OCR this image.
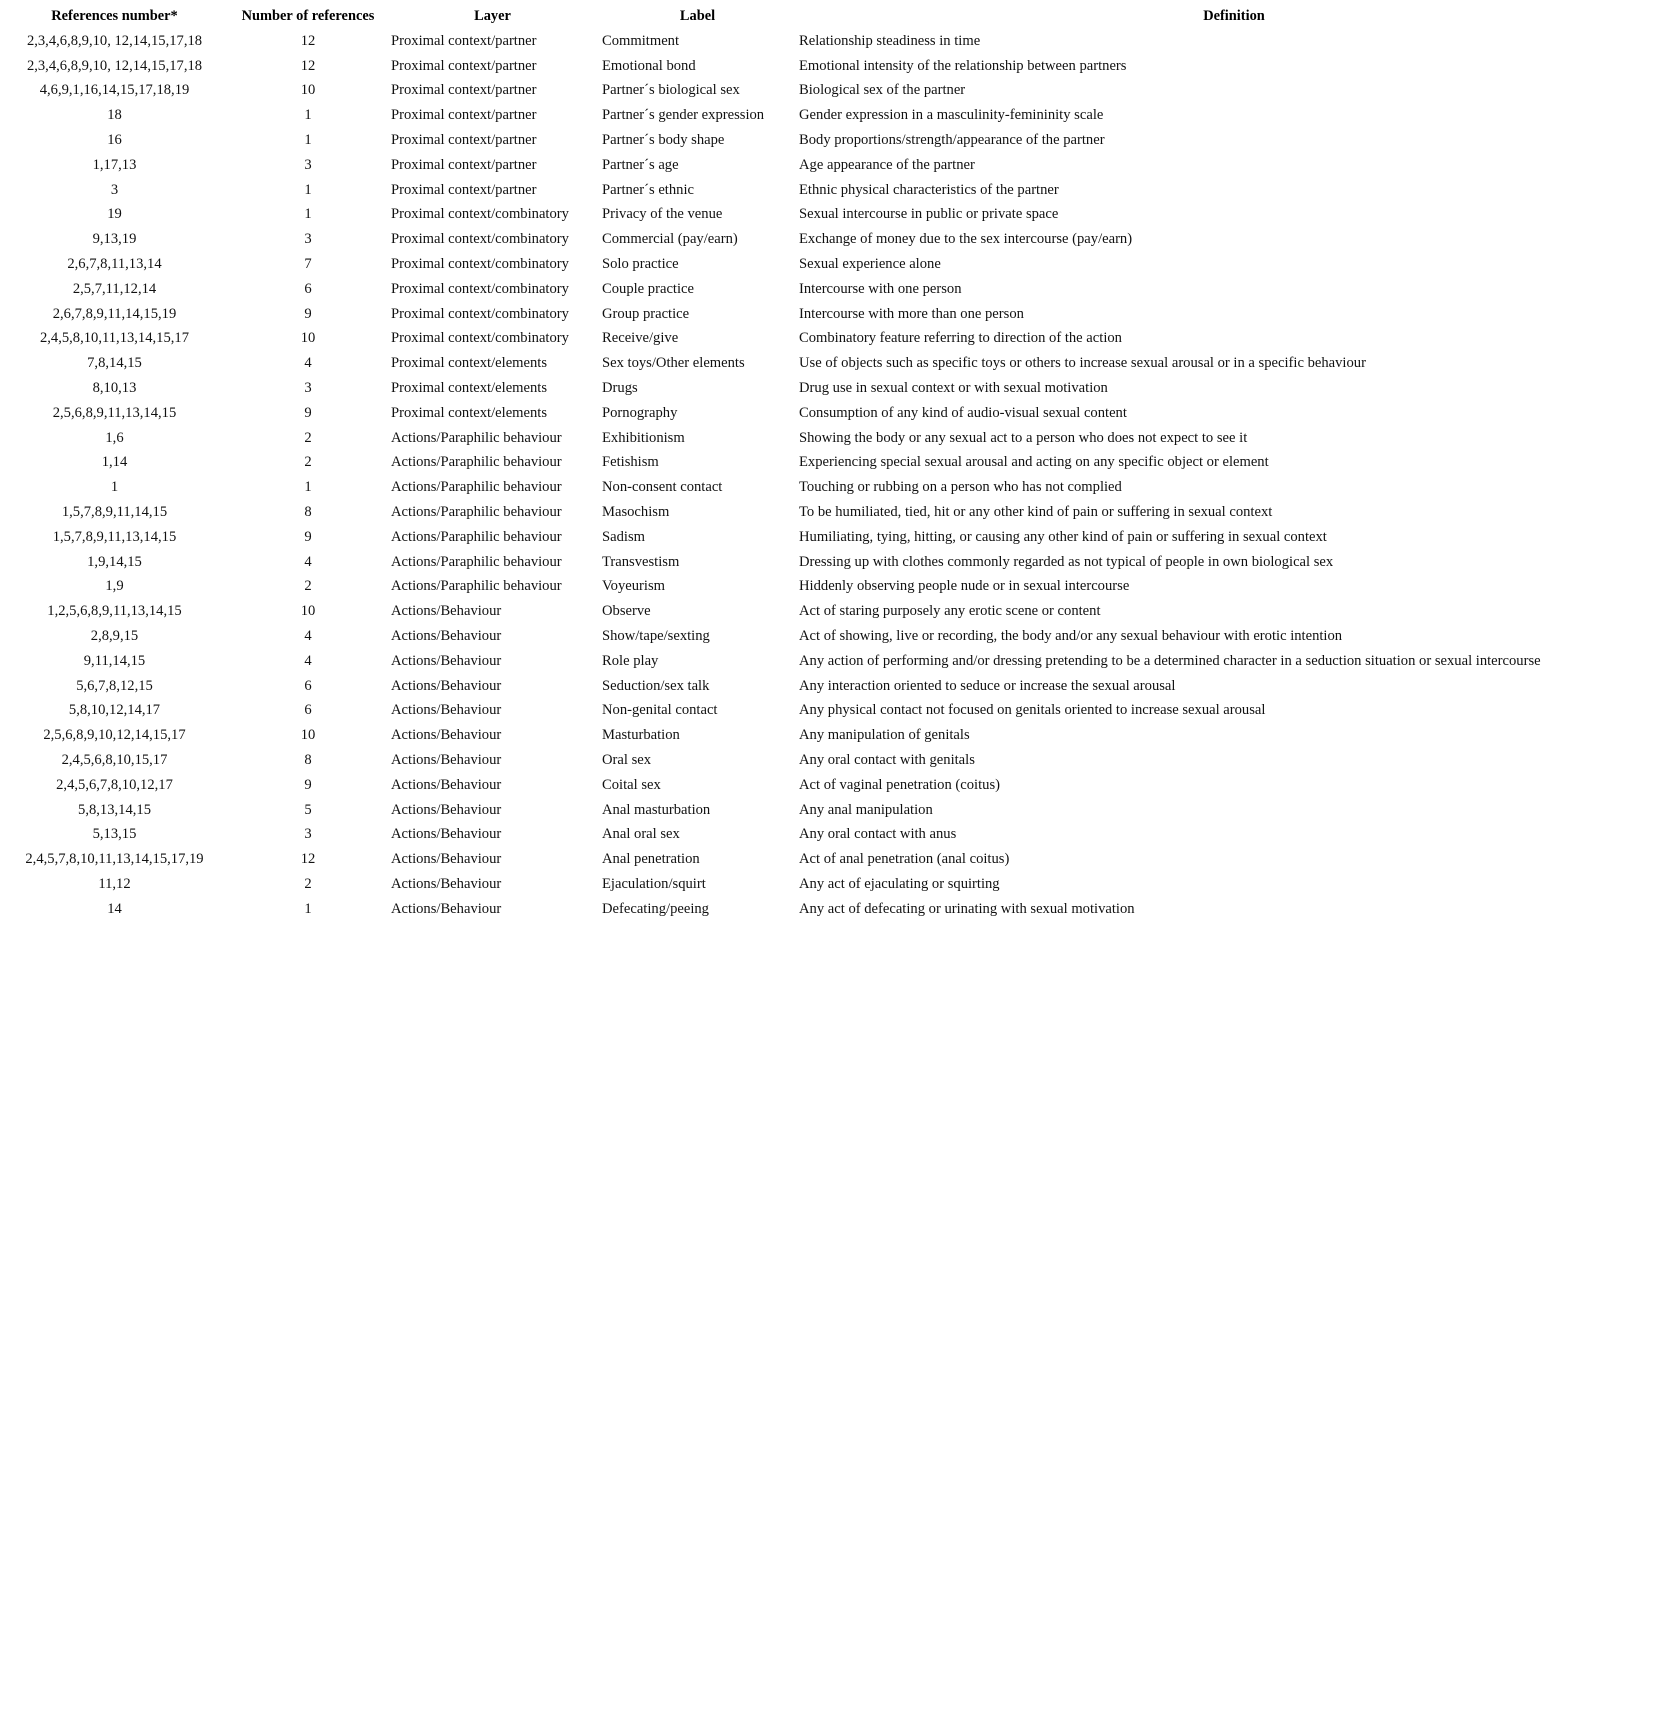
References number*	Number of references	Layer	Label	Definition
2,3,4,6,8,9,10, 12,14,15,17,18	12	Proximal context/partner	Commitment	Relationship steadiness in time
2,3,4,6,8,9,10, 12,14,15,17,18	12	Proximal context/partner	Emotional bond	Emotional intensity of the relationship between partners
4,6,9,1,16,14,15,17,18,19	10	Proximal context/partner	Partner´s biological sex	Biological sex of the partner
18	1	Proximal context/partner	Partner´s gender expression	Gender expression in a masculinity-femininity scale
16	1	Proximal context/partner	Partner´s body shape	Body proportions/strength/appearance of the partner
1,17,13	3	Proximal context/partner	Partner´s age	Age appearance of the partner
3	1	Proximal context/partner	Partner´s ethnic	Ethnic physical characteristics of the partner
19	1	Proximal context/combinatory	Privacy of the venue	Sexual intercourse in public or private space
9,13,19	3	Proximal context/combinatory	Commercial (pay/earn)	Exchange of money due to the sex intercourse (pay/earn)
2,6,7,8,11,13,14	7	Proximal context/combinatory	Solo practice	Sexual experience alone
2,5,7,11,12,14	6	Proximal context/combinatory	Couple practice	Intercourse with one person
2,6,7,8,9,11,14,15,19	9	Proximal context/combinatory	Group practice	Intercourse with more than one person
2,4,5,8,10,11,13,14,15,17	10	Proximal context/combinatory	Receive/give	Combinatory feature referring to direction of the action
7,8,14,15	4	Proximal context/elements	Sex toys/Other elements	Use of objects such as specific toys or others to increase sexual arousal or in a specific behaviour
8,10,13	3	Proximal context/elements	Drugs	Drug use in sexual context or with sexual motivation
2,5,6,8,9,11,13,14,15	9	Proximal context/elements	Pornography	Consumption of any kind of audio-visual sexual content
1,6	2	Actions/Paraphilic behaviour	Exhibitionism	Showing the body or any sexual act to a person who does not expect to see it
1,14	2	Actions/Paraphilic behaviour	Fetishism	Experiencing special sexual arousal and acting on any specific object or element
1	1	Actions/Paraphilic behaviour	Non-consent contact	Touching or rubbing on a person who has not complied
1,5,7,8,9,11,14,15	8	Actions/Paraphilic behaviour	Masochism	To be humiliated, tied, hit or any other kind of pain or suffering in sexual context
1,5,7,8,9,11,13,14,15	9	Actions/Paraphilic behaviour	Sadism	Humiliating, tying, hitting, or causing any other kind of pain or suffering in sexual context
1,9,14,15	4	Actions/Paraphilic behaviour	Transvestism	Dressing up with clothes commonly regarded as not typical of people in own biological sex
1,9	2	Actions/Paraphilic behaviour	Voyeurism	Hiddenly observing people nude or in sexual intercourse
1,2,5,6,8,9,11,13,14,15	10	Actions/Behaviour	Observe	Act of staring purposely any erotic scene or content
2,8,9,15	4	Actions/Behaviour	Show/tape/sexting	Act of showing, live or recording, the body and/or any sexual behaviour with erotic intention
9,11,14,15	4	Actions/Behaviour	Role play	Any action of performing and/or dressing pretending to be a determined character in a seduction situation or sexual intercourse
5,6,7,8,12,15	6	Actions/Behaviour	Seduction/sex talk	Any interaction oriented to seduce or increase the sexual arousal
5,8,10,12,14,17	6	Actions/Behaviour	Non-genital contact	Any physical contact not focused on genitals oriented to increase sexual arousal
2,5,6,8,9,10,12,14,15,17	10	Actions/Behaviour	Masturbation	Any manipulation of genitals
2,4,5,6,8,10,15,17	8	Actions/Behaviour	Oral sex	Any oral contact with genitals
2,4,5,6,7,8,10,12,17	9	Actions/Behaviour	Coital sex	Act of vaginal penetration (coitus)
5,8,13,14,15	5	Actions/Behaviour	Anal masturbation	Any anal manipulation
5,13,15	3	Actions/Behaviour	Anal oral sex	Any oral contact with anus
2,4,5,7,8,10,11,13,14,15,17,19	12	Actions/Behaviour	Anal penetration	Act of anal penetration (anal coitus)
11,12	2	Actions/Behaviour	Ejaculation/squirt	Any act of ejaculating or squirting
14	1	Actions/Behaviour	Defecating/peeing	Any act of defecating or urinating with sexual motivation
